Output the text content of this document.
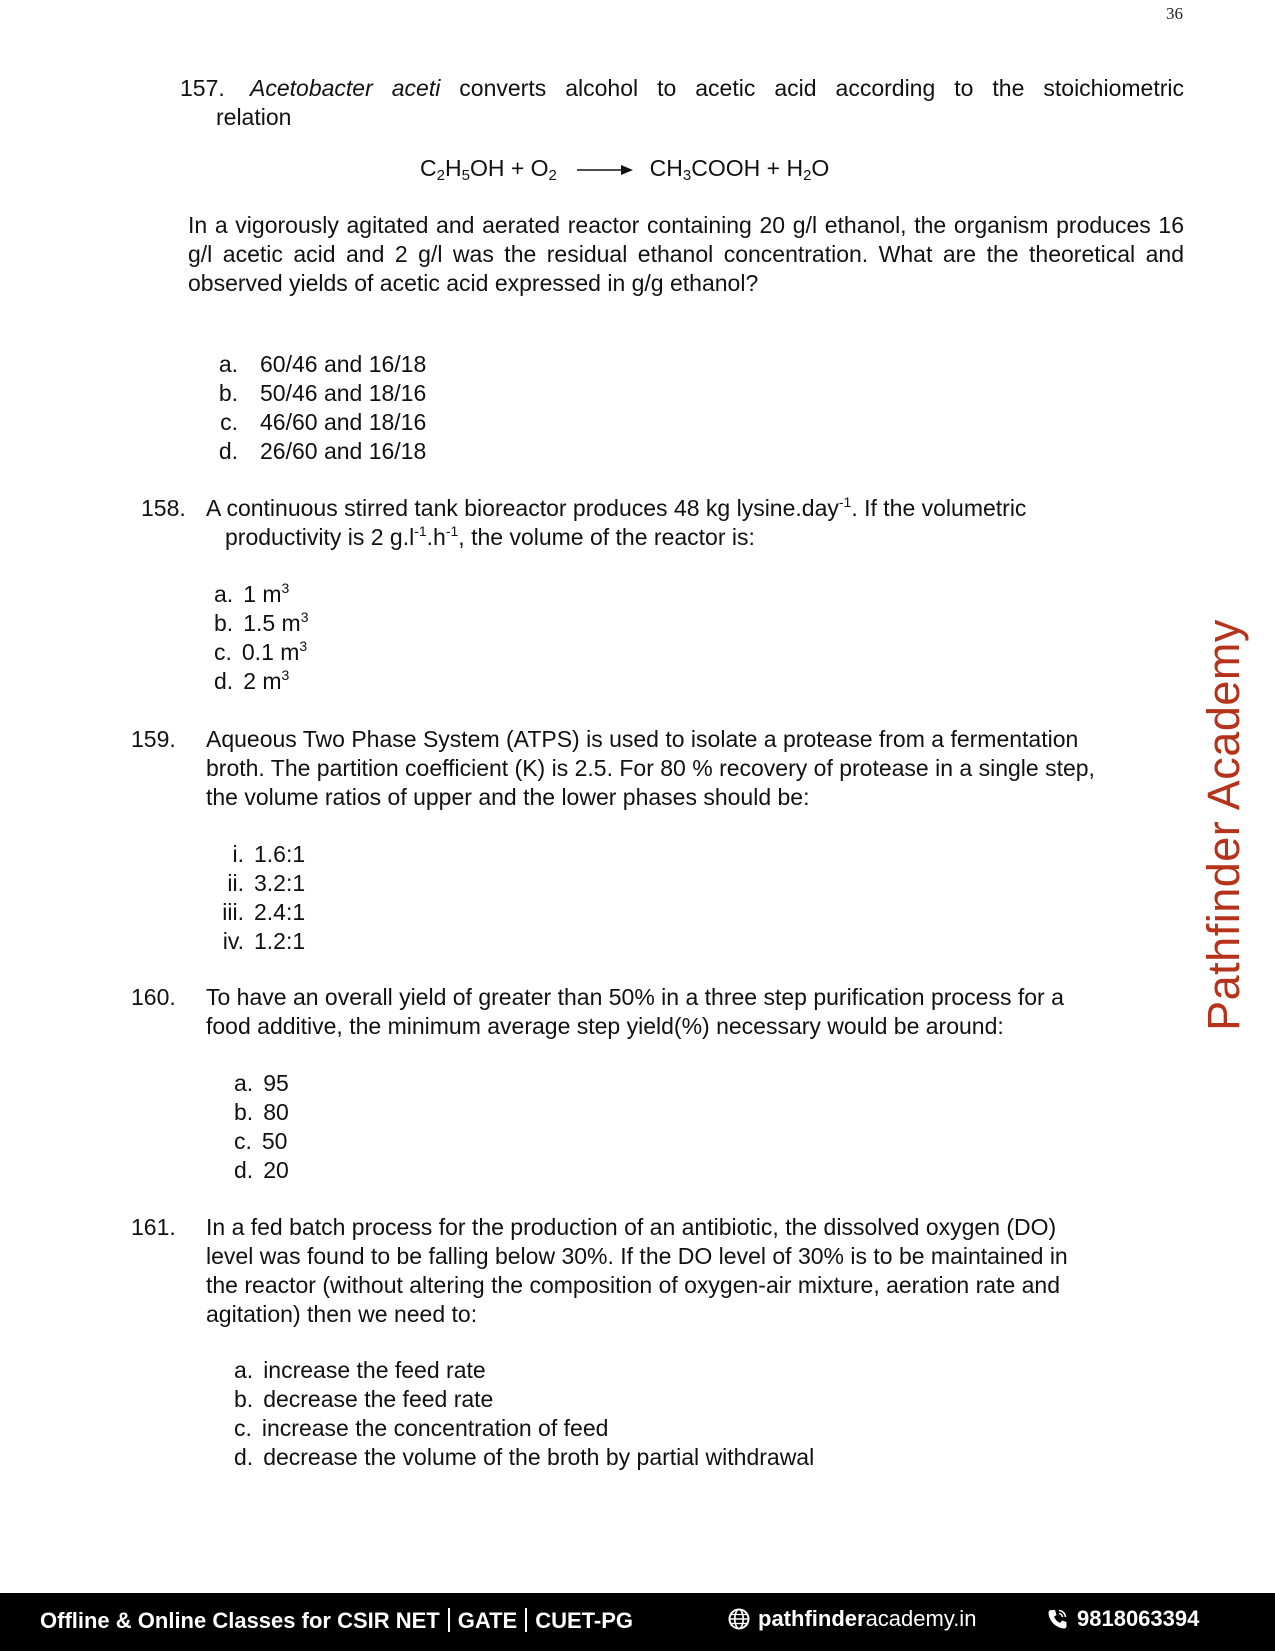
36
157. Acetobacter aceti converts alcohol to acetic acid according to the stoichiometric
relation
$C_2H_5OH + O_2$ → $CH_3COOH + H_2O$
In a vigorously agitated and aerated reactor containing 20 g/l ethanol, the organism produces 16 g/l acetic acid and 2 g/l was the residual ethanol concentration. What are the theoretical and observed yields of acetic acid expressed in g/g ethanol?
a. 60/46 and 16/18
b. 50/46 and 18/16
c. 46/60 and 18/16
d. 26/60 and 16/18
158. A continuous stirred tank bioreactor produces 48 kg lysine.day$^{-1}$. If the volumetric
productivity is 2 $g.l^{-1}.h^{-1}$, the volume of the reactor is:
a. 1 $m^3$
b. 1.5 $m^3$
c. 0.1 $m^3$
d. 2 $m^3$
159. Aqueous Two Phase System (ATPS) is used to isolate a protease from a fermentation
broth. The partition coefficient (K) is 2.5. For 80 % recovery of protease in a single step,
the volume ratios of upper and the lower phases should be:
i. 1.6:1
ii. 3.2:1
iii. 2.4:1
iv. 1.2:1
160. To have an overall yield of greater than 50% in a three step purification process for a
food additive, the minimum average step yield(%) necessary would be around:
a. 95
b. 80
c. 50
d. 20
161. In a fed batch process for the production of an antibiotic, the dissolved oxygen (DO)
level was found to be falling below 30%. If the DO level of 30% is to be maintained in
the reactor (without altering the composition of oxygen-air mixture, aeration rate and
agitation) then we need to:
a. increase the feed rate
b. decrease the feed rate
c. increase the concentration of feed
d. decrease the volume of the broth by partial withdrawal
Pathfinder Academy
Offline & Online Classes for CSIR NET GATE CUET-PG	pathfinderacademy.in	9818063394
